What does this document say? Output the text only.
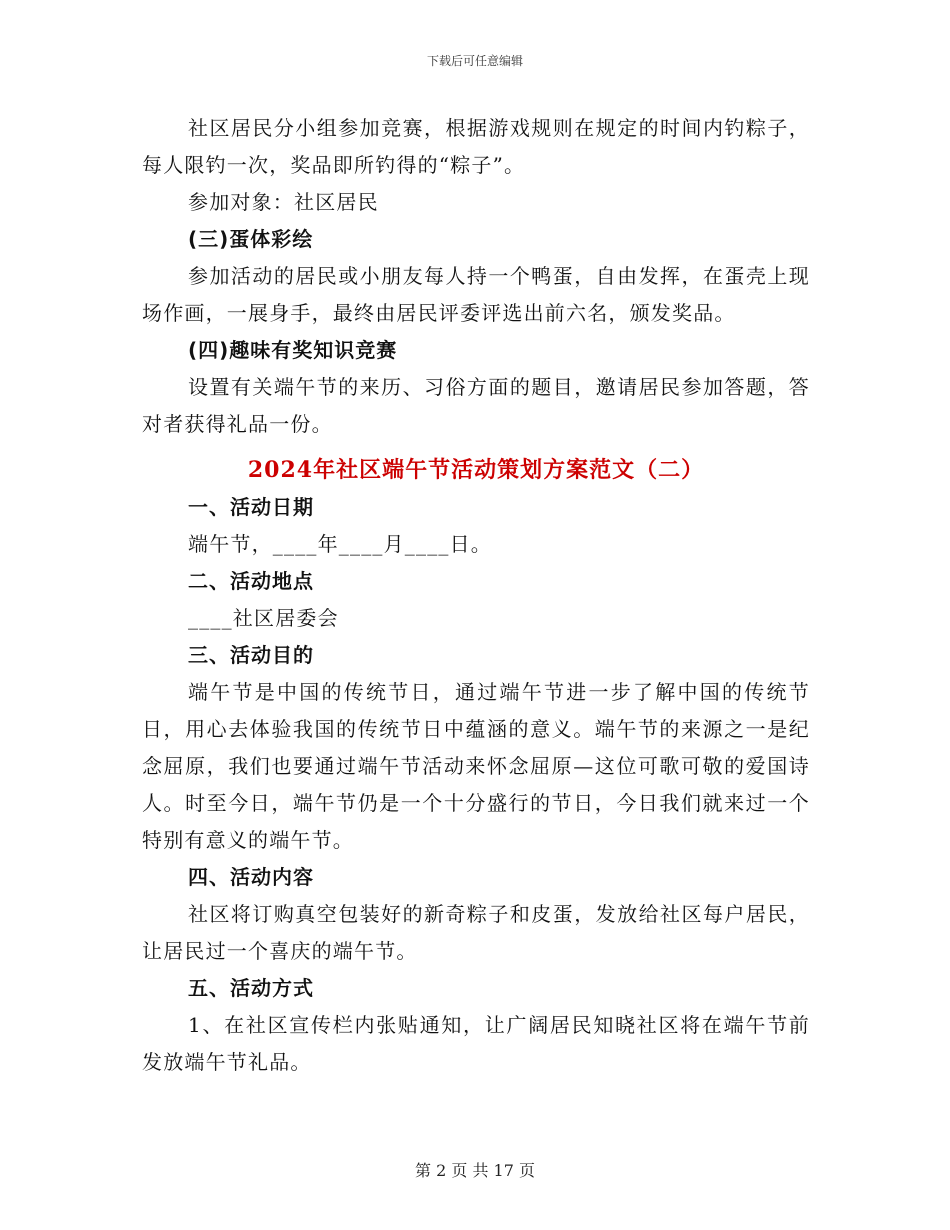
下载后可任意编辑

社区居民分小组参加竞赛，根据游戏规则在规定的时间内钓粽子，每人限钓一次，奖品即所钓得的“粽子”。

参加对象：社区居民

(三)蛋体彩绘

参加活动的居民或小朋友每人持一个鸭蛋，自由发挥，在蛋壳上现场作画，一展身手，最终由居民评委评选出前六名，颁发奖品。

(四)趣味有奖知识竞赛

设置有关端午节的来历、习俗方面的题目，邀请居民参加答题，答对者获得礼品一份。

2024年社区端午节活动策划方案范文（二）

一、活动日期

端午节，____年____月____日。

二、活动地点

____社区居委会

三、活动目的

端午节是中国的传统节日，通过端午节进一步了解中国的传统节日，用心去体验我国的传统节日中蕴涵的意义。端午节的来源之一是纪念屈原，我们也要通过端午节活动来怀念屈原—这位可歌可敬的爱国诗人。时至今日，端午节仍是一个十分盛行的节日，今日我们就来过一个特别有意义的端午节。

四、活动内容

社区将订购真空包装好的新奇粽子和皮蛋，发放给社区每户居民，让居民过一个喜庆的端午节。

五、活动方式

1、在社区宣传栏内张贴通知，让广阔居民知晓社区将在端午节前发放端午节礼品。

第 2 页 共 17 页
